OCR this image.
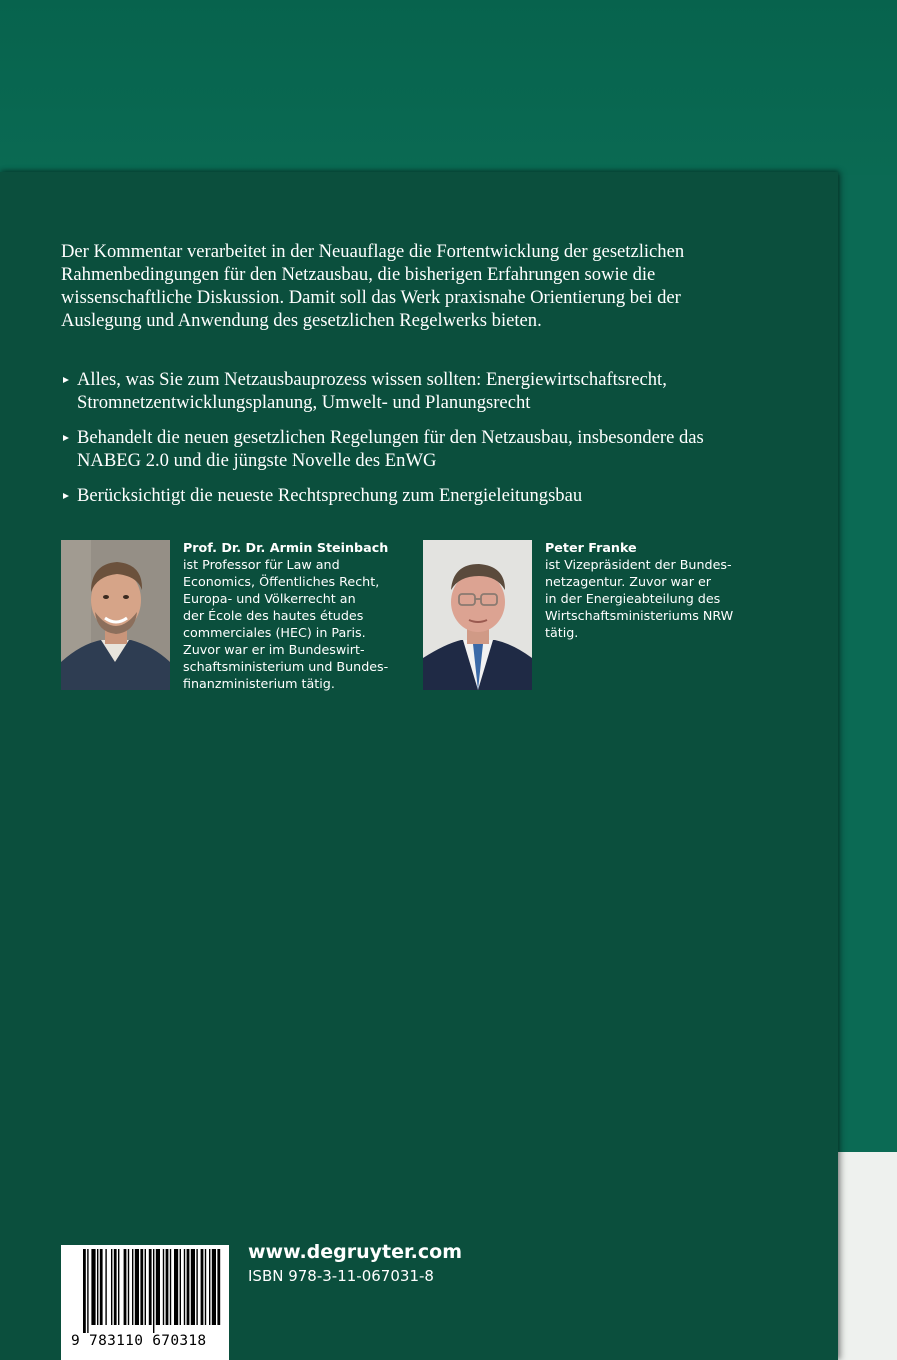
Der Kommentar verarbeitet in der Neuauflage die Fortentwicklung der gesetzlichen
Rahmenbedingungen für den Netzausbau, die bisherigen Erfahrungen sowie die
wissenschaftliche Diskussion. Damit soll das Werk praxisnahe Orientierung bei der
Auslegung und Anwendung des gesetzlichen Regelwerks bieten.
Alles, was Sie zum Netzausbauprozess wissen sollten: Energiewirtschaftsrecht,
Stromnetzentwicklungsplanung, Umwelt- und Planungsrecht
Behandelt die neuen gesetzlichen Regelungen für den Netzausbau, insbesondere das
NABEG 2.0 und die jüngste Novelle des EnWG
Berücksichtigt die neueste Rechtsprechung zum Energieleitungsbau
Prof. Dr. Dr. Armin Steinbach
ist Professor für Law and
Economics, Öffentliches Recht,
Europa- und Völkerrecht an
der École des hautes études
commerciales (HEC) in Paris.
Zuvor war er im Bundeswirt-
schaftsministerium und Bundes-
finanzministerium tätig.
Peter Franke
ist Vizepräsident der Bundes-
netzagentur. Zuvor war er
in der Energieabteilung des
Wirtschaftsministeriums NRW
tätig.
9 783110 670318
www.degruyter.com
ISBN 978-3-11-067031-8
